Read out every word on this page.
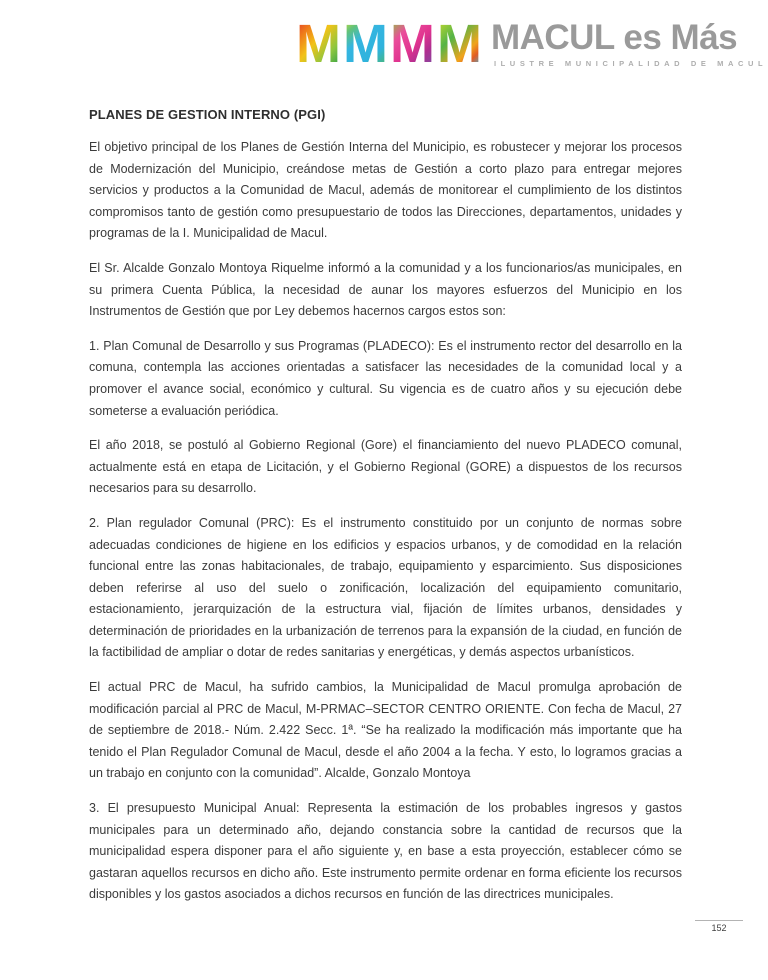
M M M M MACUL es Más
ILUSTRE MUNICIPALIDAD DE MACUL
PLANES DE GESTION INTERNO (PGI)

El objetivo principal de los Planes de Gestión Interna del Municipio, es robustecer y mejorar los procesos de Modernización del Municipio, creándose metas de Gestión a corto plazo para entregar mejores servicios y productos a la Comunidad de Macul, además de monitorear el cumplimiento de los distintos compromisos tanto de gestión como presupuestario de todos las Direcciones, departamentos, unidades y programas de la I. Municipalidad de Macul.

El Sr. Alcalde Gonzalo Montoya Riquelme informó a la comunidad y a los funcionarios/as municipales, en su primera Cuenta Pública, la necesidad de aunar los mayores esfuerzos del Municipio en los Instrumentos de Gestión que por Ley debemos hacernos cargos estos son:

1. Plan Comunal de Desarrollo y sus Programas (PLADECO): Es el instrumento rector del desarrollo en la comuna, contempla las acciones orientadas a satisfacer las necesidades de la comunidad local y a promover el avance social, económico y cultural. Su vigencia es de cuatro años y su ejecución debe someterse a evaluación periódica.

El año 2018, se postuló al Gobierno Regional (Gore) el financiamiento del nuevo PLADECO comunal, actualmente está en etapa de Licitación, y el Gobierno Regional (GORE) a dispuestos de los recursos necesarios para su desarrollo.

2. Plan regulador Comunal (PRC): Es el instrumento constituido por un conjunto de normas sobre adecuadas condiciones de higiene en los edificios y espacios urbanos, y de comodidad en la relación funcional entre las zonas habitacionales, de trabajo, equipamiento y esparcimiento. Sus disposiciones deben referirse al uso del suelo o zonificación, localización del equipamiento comunitario, estacionamiento, jerarquización de la estructura vial, fijación de límites urbanos, densidades y determinación de prioridades en la urbanización de terrenos para la expansión de la ciudad, en función de la factibilidad de ampliar o dotar de redes sanitarias y energéticas, y demás aspectos urbanísticos.

El actual PRC de Macul, ha sufrido cambios, la Municipalidad de Macul promulga aprobación de modificación parcial al PRC de Macul, M-PRMAC–SECTOR CENTRO ORIENTE. Con fecha de Macul, 27 de septiembre de 2018.- Núm. 2.422 Secc. 1ª. “Se ha realizado la modificación más importante que ha tenido el Plan Regulador Comunal de Macul, desde el año 2004 a la fecha. Y esto, lo logramos gracias a un trabajo en conjunto con la comunidad”. Alcalde, Gonzalo Montoya

3. El presupuesto Municipal Anual: Representa la estimación de los probables ingresos y gastos municipales para un determinado año, dejando constancia sobre la cantidad de recursos que la municipalidad espera disponer para el año siguiente y, en base a esta proyección, establecer cómo se gastaran aquellos recursos en dicho año. Este instrumento permite ordenar en forma eficiente los recursos disponibles y los gastos asociados a dichos recursos en función de las directrices municipales.

152
